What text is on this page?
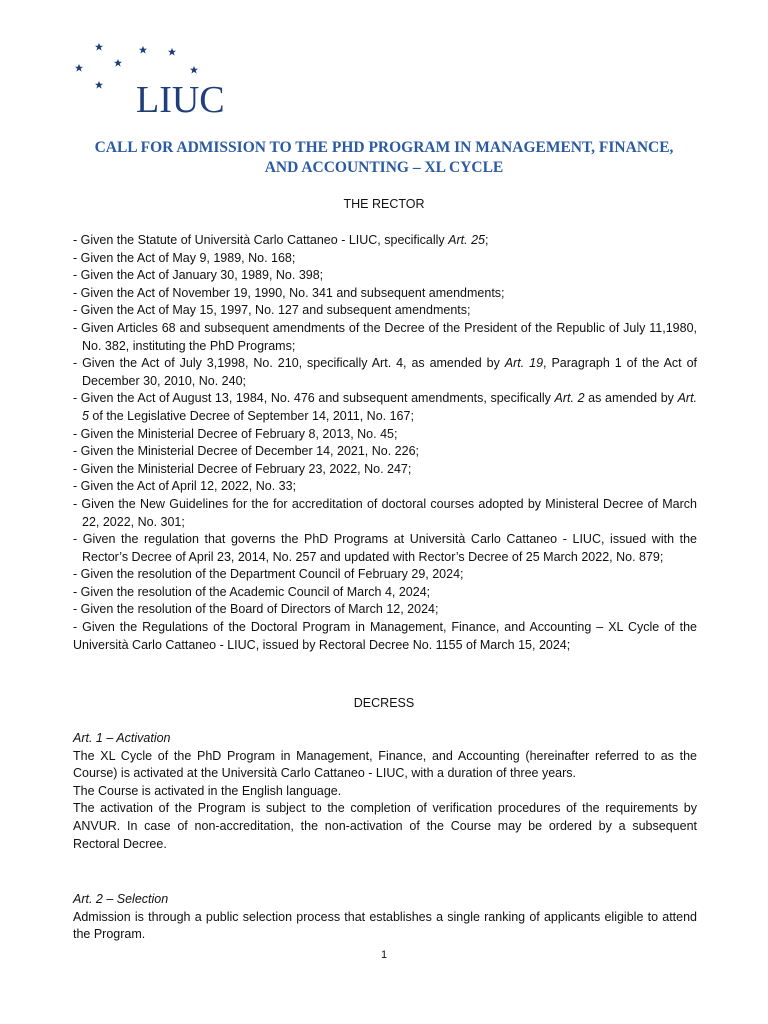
LIUC
CALL FOR ADMISSION TO THE PHD PROGRAM IN MANAGEMENT, FINANCE,
AND ACCOUNTING – XL CYCLE

THE RECTOR

- Given the Statute of Università Carlo Cattaneo - LIUC, specifically Art. 25;

- Given the Act of May 9, 1989, No. 168;

- Given the Act of January 30, 1989, No. 398;

- Given the Act of November 19, 1990, No. 341 and subsequent amendments;

- Given the Act of May 15, 1997, No. 127 and subsequent amendments;

- Given Articles 68 and subsequent amendments of the Decree of the President of the Republic of July 11,1980, No. 382, instituting the PhD Programs;

- Given the Act of July 3,1998, No. 210, specifically Art. 4, as amended by Art. 19, Paragraph 1 of the Act of December 30, 2010, No. 240;

- Given the Act of August 13, 1984, No. 476 and subsequent amendments, specifically Art. 2 as amended by Art. 5 of the Legislative Decree of September 14, 2011, No. 167;

- Given the Ministerial Decree of February 8, 2013, No. 45;

- Given the Ministerial Decree of December 14, 2021, No. 226;

- Given the Ministerial Decree of February 23, 2022, No. 247;

- Given the Act of April 12, 2022, No. 33;

- Given the New Guidelines for the for accreditation of doctoral courses adopted by Ministeral Decree of March 22, 2022, No. 301;

- Given the regulation that governs the PhD Programs at Università Carlo Cattaneo - LIUC, issued with the Rector’s Decree of April 23, 2014, No. 257 and updated with Rector’s Decree of 25 March 2022, No. 879;

- Given the resolution of the Department Council of February 29, 2024;

- Given the resolution of the Academic Council of March 4, 2024;

- Given the resolution of the Board of Directors of March 12, 2024;

- Given the Regulations of the Doctoral Program in Management, Finance, and Accounting – XL Cycle of the Università Carlo Cattaneo - LIUC, issued by Rectoral Decree No. 1155 of March 15, 2024;

DECRESS

Art. 1 – Activation

The XL Cycle of the PhD Program in Management, Finance, and Accounting (hereinafter referred to as the Course) is activated at the Università Carlo Cattaneo - LIUC, with a duration of three years.

The Course is activated in the English language.

The activation of the Program is subject to the completion of verification procedures of the requirements by ANVUR. In case of non-accreditation, the non-activation of the Course may be ordered by a subsequent Rectoral Decree.

Art. 2 – Selection

Admission is through a public selection process that establishes a single ranking of applicants eligible to attend the Program.

1
